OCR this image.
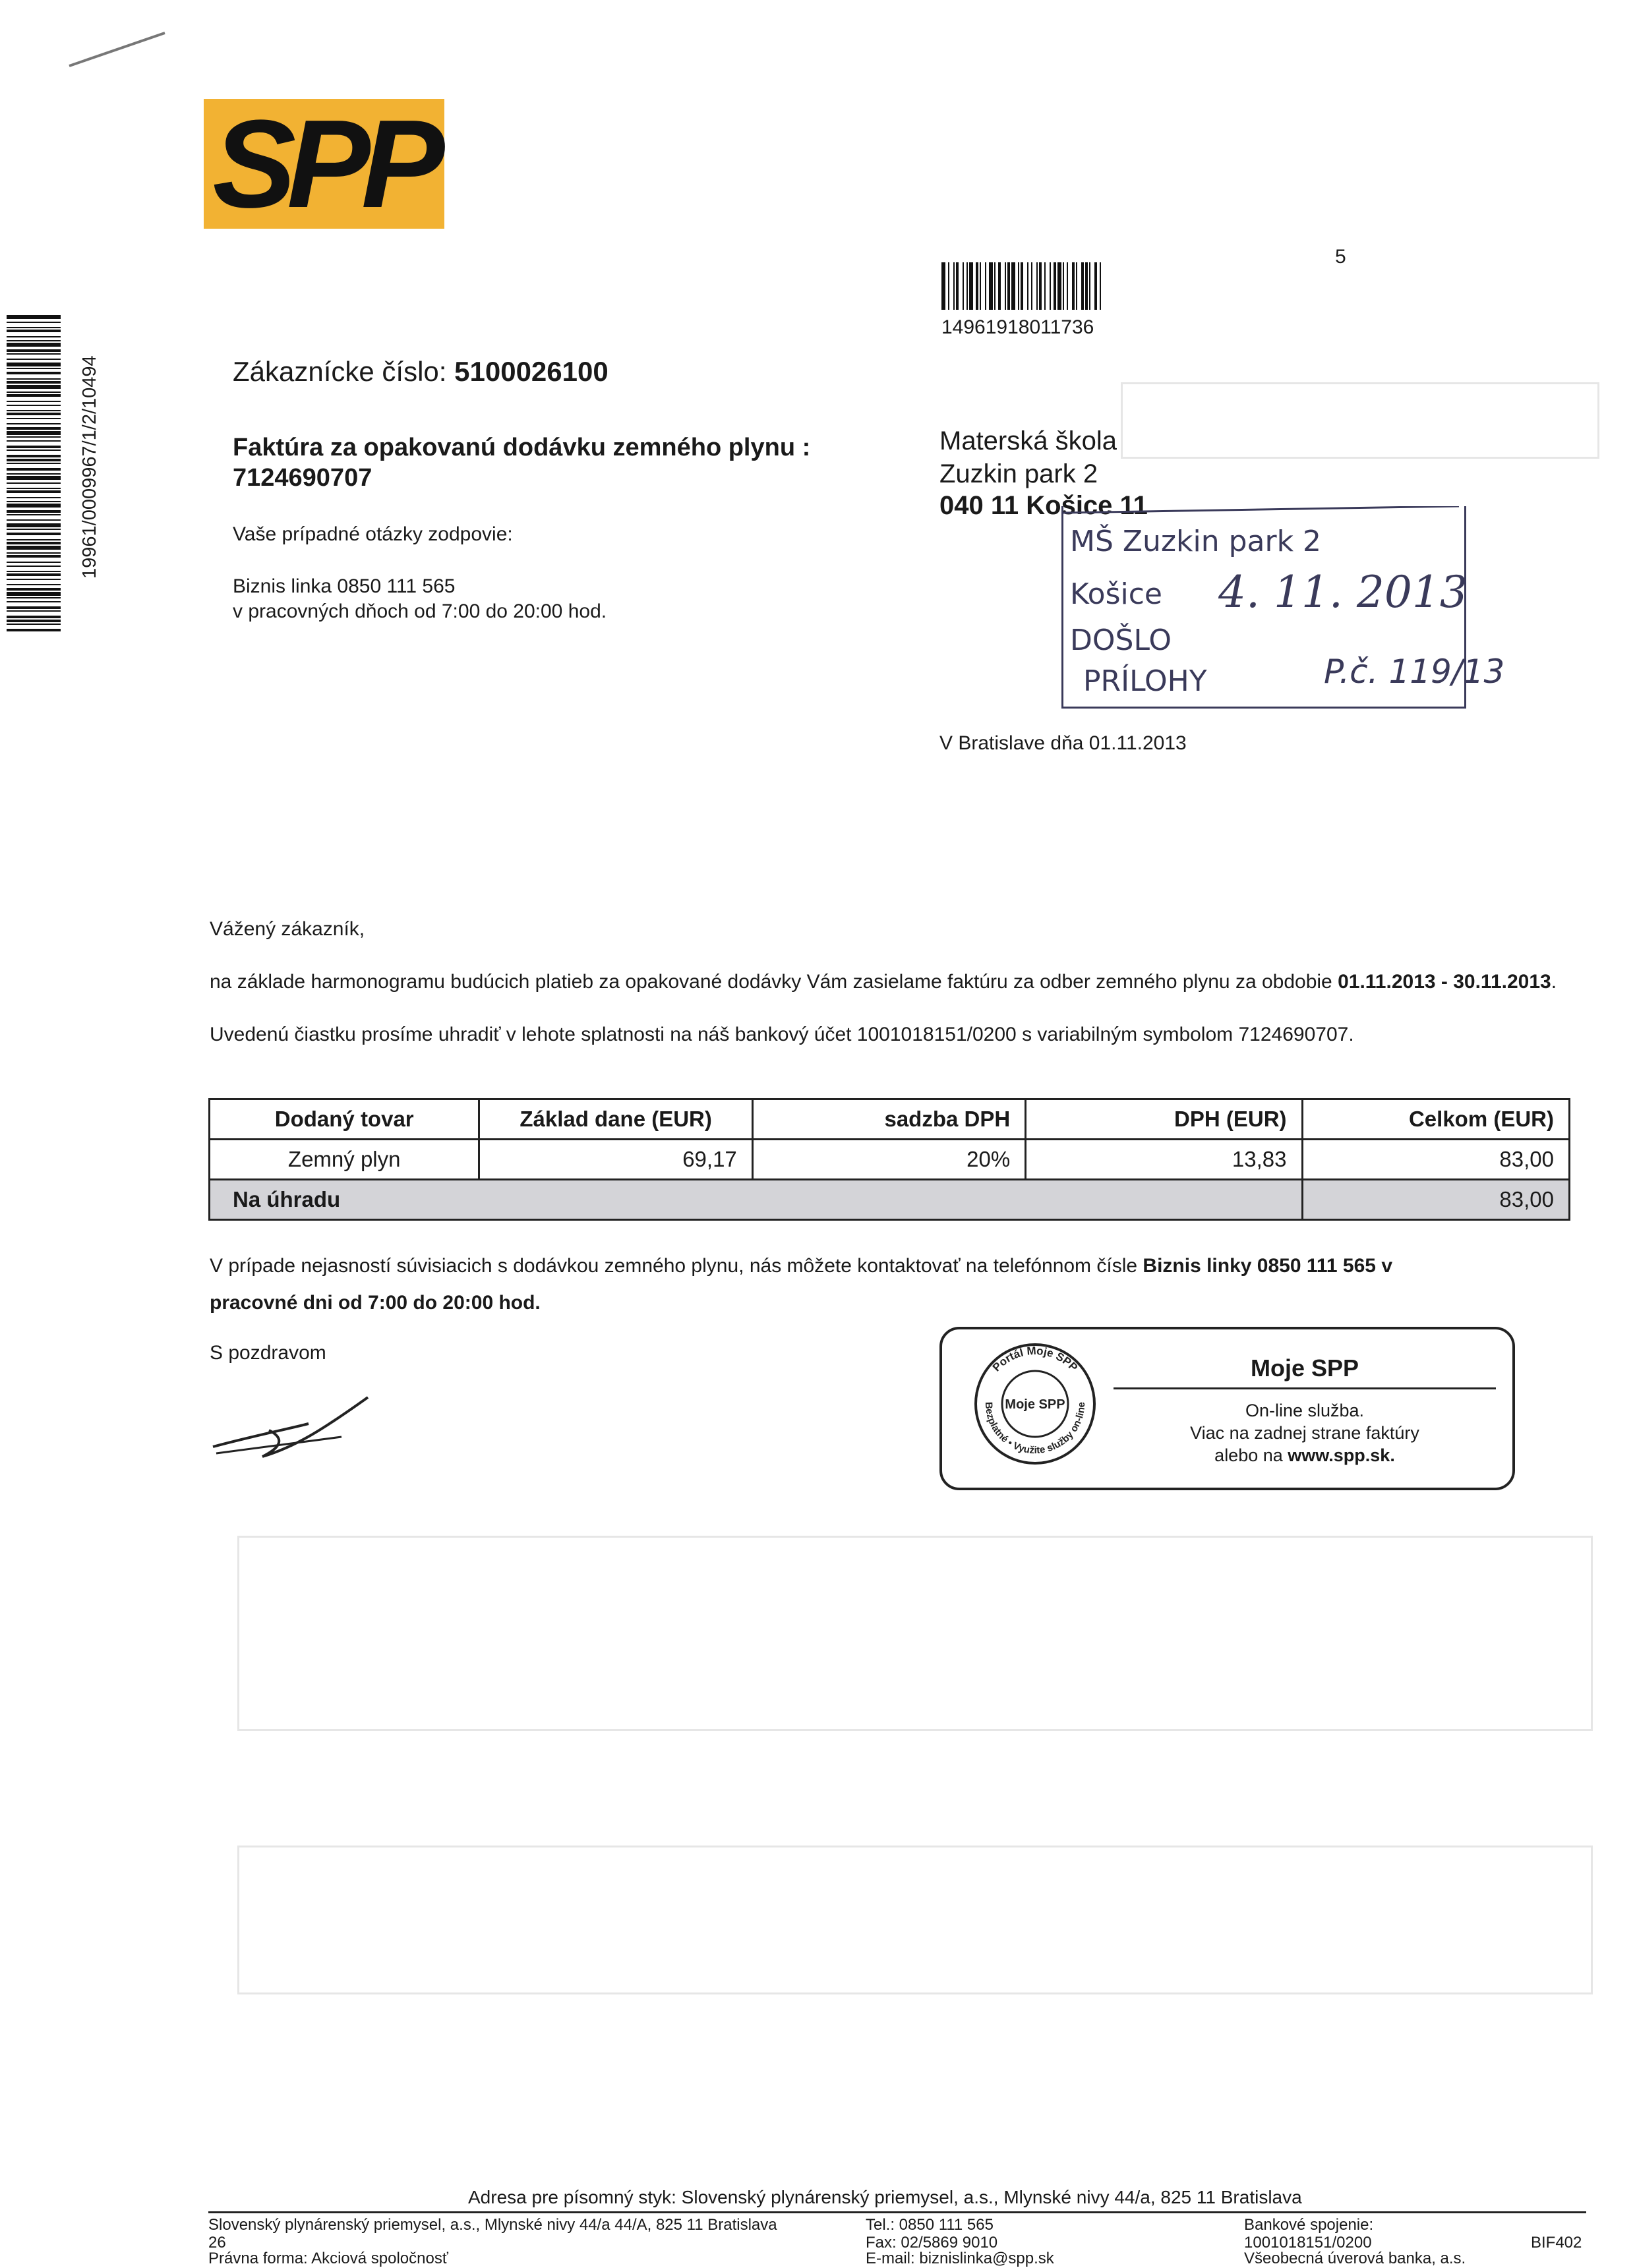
SPP
19961/0009967/1/2/10494
14961918011736
5
Zákaznícke číslo: 5100026100
Faktúra za opakovanú dodávku zemného plynu :
7124690707
Vaše prípadné otázky zodpovie:
Biznis linka 0850 111 565
v pracovných dňoch od 7:00 do 20:00 hod.
Materská škola
Zuzkin park 2
040 11 Košice 11
MŠ Zuzkin park 2
Košice 4. 11. 2013
DOŠLO
PRÍLOHY	P.č. 119/13
V Bratislave dňa 01.11.2013
Vážený zákazník,
na základe harmonogramu budúcich platieb za opakované dodávky Vám zasielame faktúru za odber zemného plynu za obdobie 01.11.2013 - 30.11.2013.
Uvedenú čiastku prosíme uhradiť v lehote splatnosti na náš bankový účet 1001018151/0200 s variabilným symbolom 7124690707.
Dodaný tovar	Základ dane (EUR)	sadzba DPH	DPH (EUR)	Celkom (EUR)
Zemný plyn	69,17	20%	13,83	83,00
Na úhradu				83,00
V prípade nejasností súvisiacich s dodávkou zemného plynu, nás môžete kontaktovať na telefónnom čísle Biznis linky 0850 111 565 v
pracovné dni od 7:00 do 20:00 hod.
S pozdravom
Portál Moje SPP
Bezplatné • Využite služby on-line
Moje SPP
Moje SPP
On-line služba.
Viac na zadnej strane faktúry
alebo na www.spp.sk.
Adresa pre písomný styk: Slovenský plynárenský priemysel, a.s., Mlynské nivy 44/a, 825 11 Bratislava
Slovenský plynárenský priemysel, a.s., Mlynské nivy 44/a 44/A, 825 11 Bratislava
26
Právna forma: Akciová spoločnosť
Tel.: 0850 111 565
Fax: 02/5869 9010
E-mail: biznislinka@spp.sk
Bankové spojenie:
1001018151/0200
Všeobecná úverová banka, a.s.
BIF402
